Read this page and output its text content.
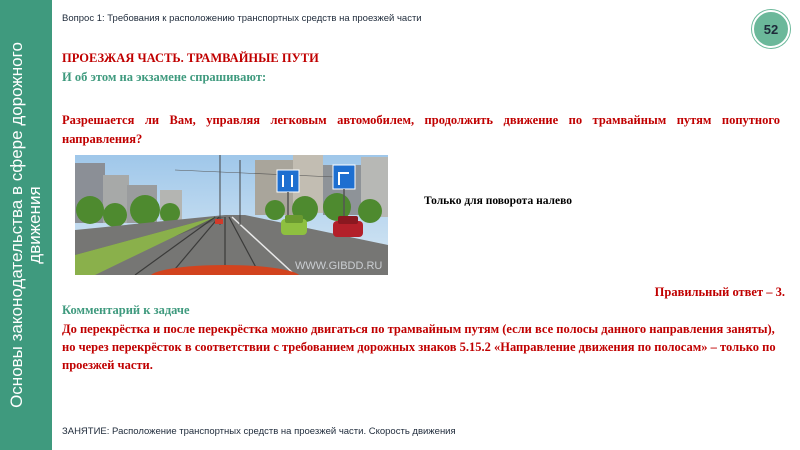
Основы законодательства в сфере дорожного движения
Вопрос 1: Требования к расположению транспортных средств на проезжей части
52
ПРОЕЗЖАЯ ЧАСТЬ. ТРАМВАЙНЫЕ ПУТИ
И об этом на экзамене спрашивают:
Разрешается ли Вам, управляя легковым автомобилем, продолжить движение по трамвайным путям попутного направления?
Только для поворота налево
WWW.GIBDD.RU
Правильный ответ – 3.
Комментарий к задаче
До перекрёстка и после перекрёстка можно двигаться по трамвайным путям (если все полосы данного направления заняты), но через перекрёсток в соответствии с требованием дорожных знаков 5.15.2 «Направление движения по полосам» – только по проезжей части.
ЗАНЯТИЕ: Расположение транспортных средств на проезжей части. Скорость движения
